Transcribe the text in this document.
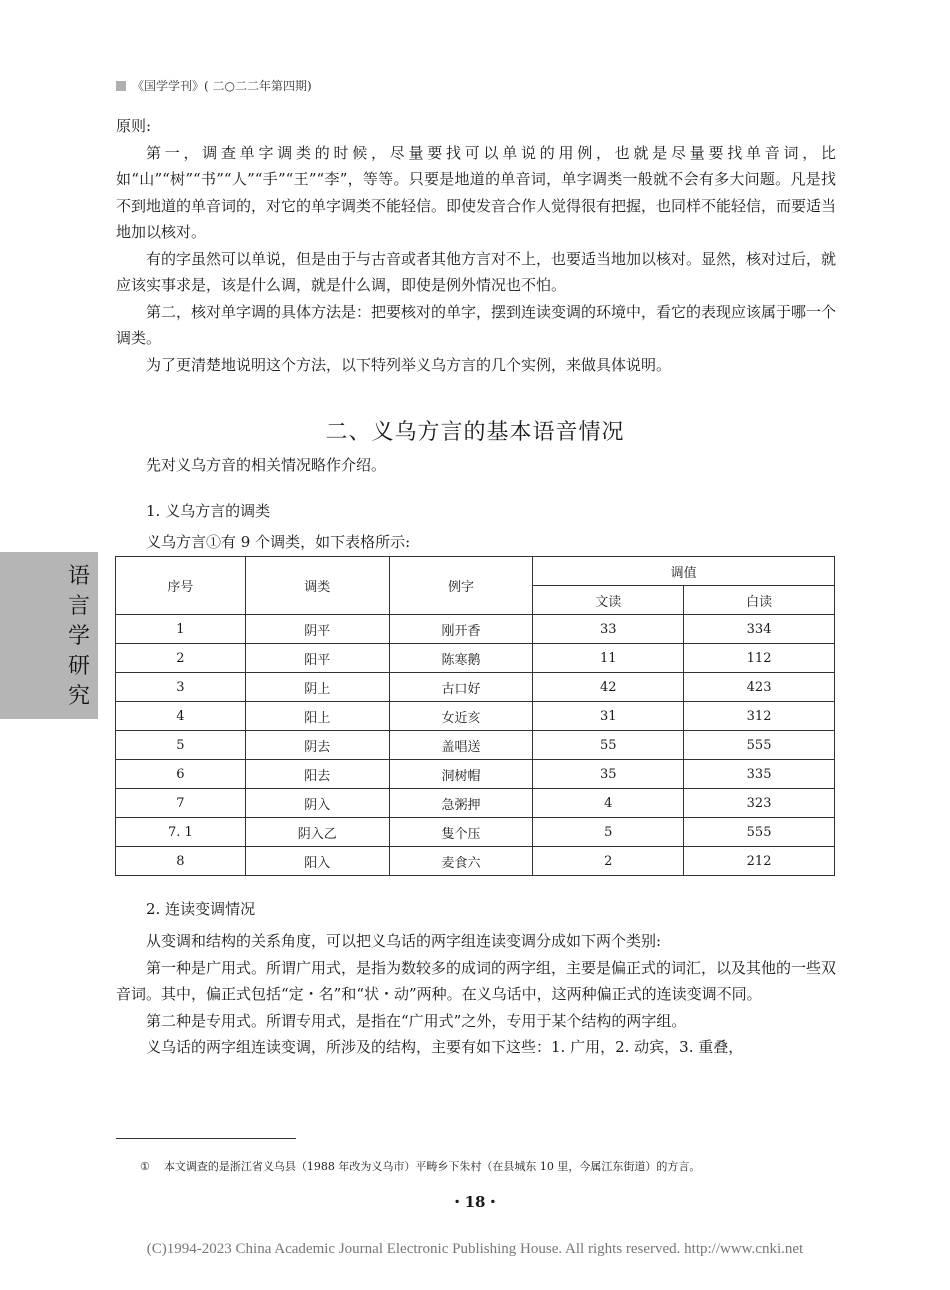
《国学学刊》( 二○二二年第四期)

原则:

第一，调查单字调类的时候，尽量要找可以单说的用例，也就是尽量要找单音词，比如“山”“树”“书”“人”“手”“王”“李”，等等。只要是地道的单音词，单字调类一般就不会有多大问题。凡是找不到地道的单音词的，对它的单字调类不能轻信。即使发音合作人觉得很有把握，也同样不能轻信，而要适当地加以核对。

有的字虽然可以单说，但是由于与古音或者其他方言对不上，也要适当地加以核对。显然，核对过后，就应该实事求是，该是什么调，就是什么调，即使是例外情况也不怕。

第二，核对单字调的具体方法是：把要核对的单字，摆到连读变调的环境中，看它的表现应该属于哪一个调类。

为了更清楚地说明这个方法，以下特列举义乌方言的几个实例，来做具体说明。

二、义乌方言的基本语音情况

先对义乌方音的相关情况略作介绍。

1. 义乌方言的调类

义乌方言①有 9 个调类，如下表格所示:

语
言
学
研
究
序号	调类	例字	调值	
			文读	白读
1	阴平	刚开香	33	334
2	阳平	陈寒鹅	11	112
3	阴上	古口好	42	423
4	阳上	女近亥	31	312
5	阴去	盖唱送	55	555
6	阳去	洞树帽	35	335
7	阴入	急粥押	4	323
7. 1	阴入乙	隻个压	5	555
8	阳入	麦食六	2	212

2. 连读变调情况

从变调和结构的关系角度，可以把义乌话的两字组连读变调分成如下两个类别:

第一种是广用式。所谓广用式，是指为数较多的成词的两字组，主要是偏正式的词汇，以及其他的一些双音词。其中，偏正式包括“定・名”和“状・动”两种。在义乌话中，这两种偏正式的连读变调不同。

第二种是专用式。所谓专用式，是指在“广用式”之外，专用于某个结构的两字组。

义乌话的两字组连读变调，所涉及的结构，主要有如下这些：1. 广用，2. 动宾，3. 重叠，

① 本文调查的是浙江省义乌县（1988 年改为义乌市）平畴乡下朱村（在县城东 10 里，今属江东街道）的方言。
・18・
(C)1994-2023 China Academic Journal Electronic Publishing House. All rights reserved. http://www.cnki.net
